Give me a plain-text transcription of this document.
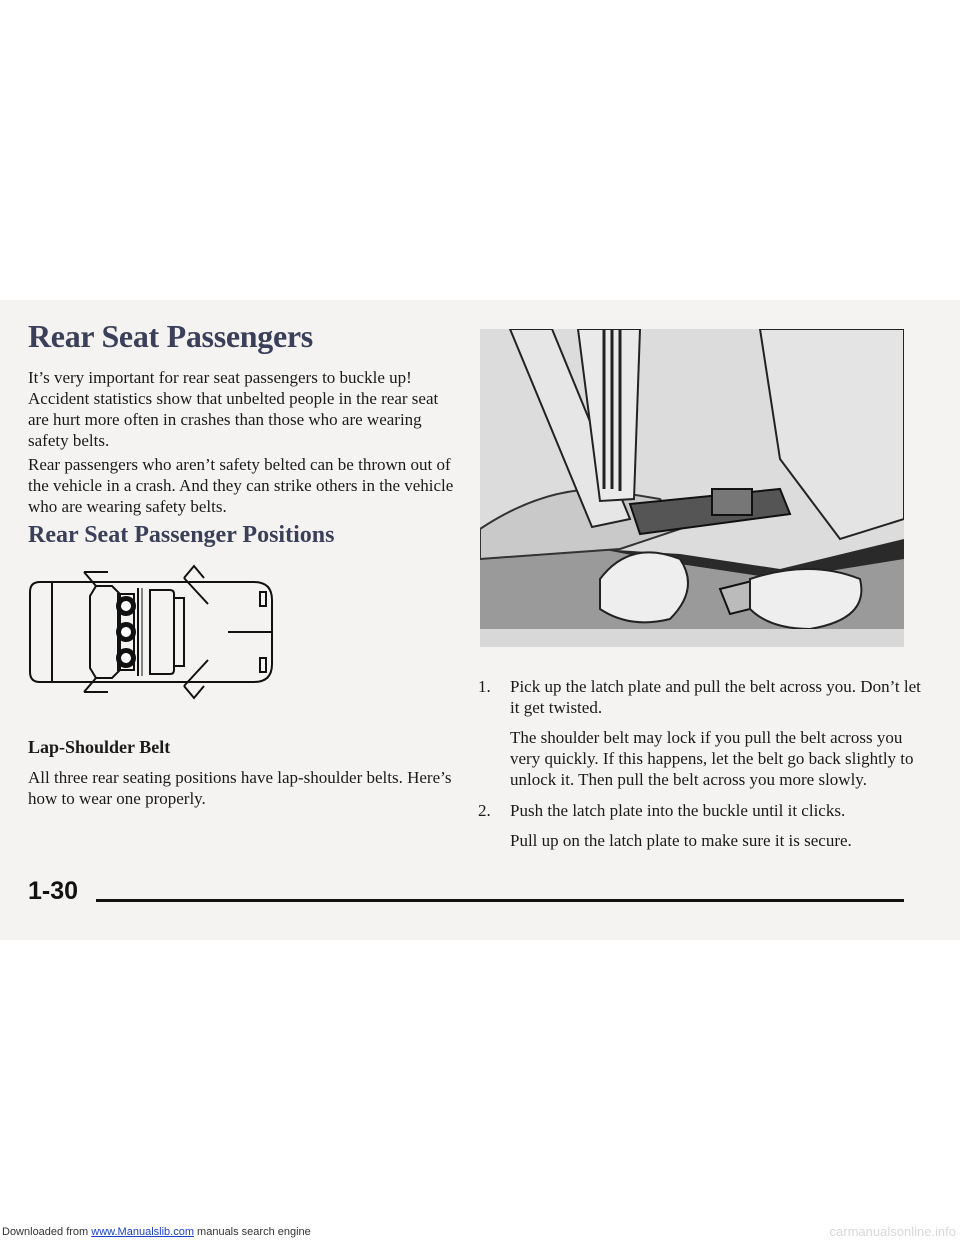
Rear Seat Passengers

It’s very important for rear seat passengers to buckle up! Accident statistics show that unbelted people in the rear seat are hurt more often in crashes than those who are wearing safety belts.

Rear passengers who aren’t safety belted can be thrown out of the vehicle in a crash. And they can strike others in the vehicle who are wearing safety belts.

Rear Seat Passenger Positions
Lap-Shoulder Belt

All three rear seating positions have lap-shoulder belts. Here’s how to wear one properly.

1. Pick up the latch plate and pull the belt across you. Don’t let it get twisted.

The shoulder belt may lock if you pull the belt across you very quickly. If this happens, let the belt go back slightly to unlock it. Then pull the belt across you more slowly.

2. Push the latch plate into the buckle until it clicks.

Pull up on the latch plate to make sure it is secure.

1-30
Downloaded from www.Manualslib.com manuals search engine	carmanualsonline.info
